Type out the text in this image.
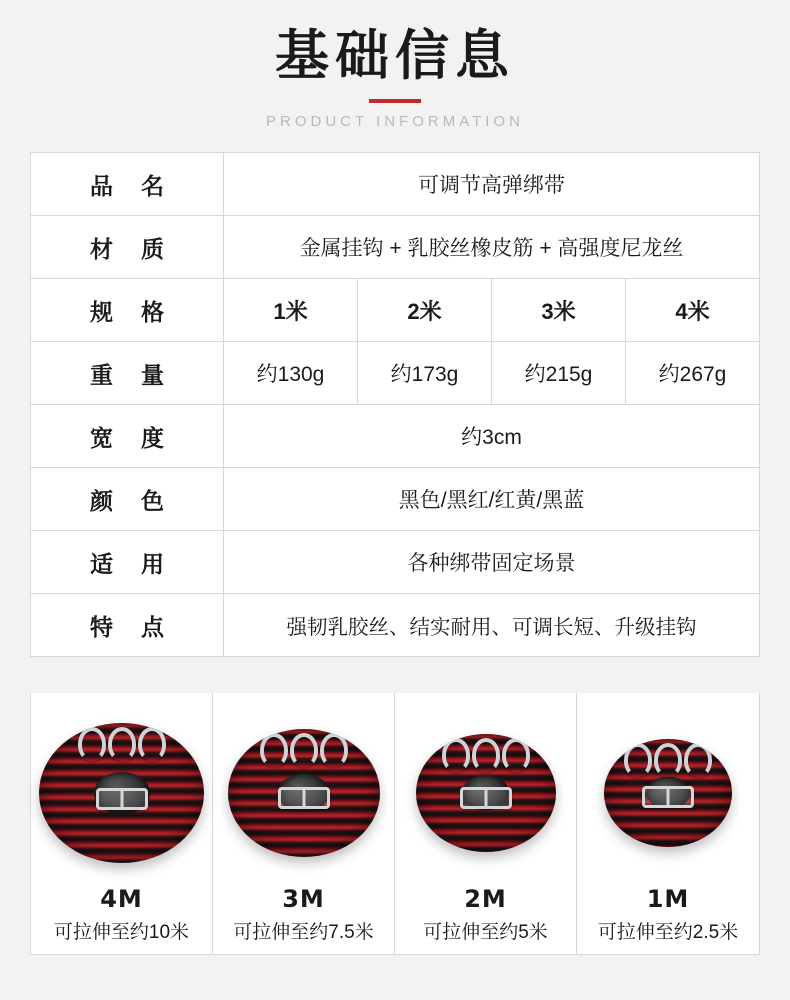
基础信息
PRODUCT INFORMATION
品 名	可调节高弹绑带			
材 质	金属挂钩 + 乳胶丝橡皮筋 + 高强度尼龙丝			
规 格	1米	2米	3米	4米
重 量	约130g	约173g	约215g	约267g
宽 度	约3cm			
颜 色	黑色/黑红/红黄/黑蓝			
适 用	各种绑带固定场景			
特 点	强韧乳胶丝、结实耐用、可调长短、升级挂钩			
4M
可拉伸至约10米
3M
可拉伸至约7.5米
2M
可拉伸至约5米
1M
可拉伸至约2.5米
